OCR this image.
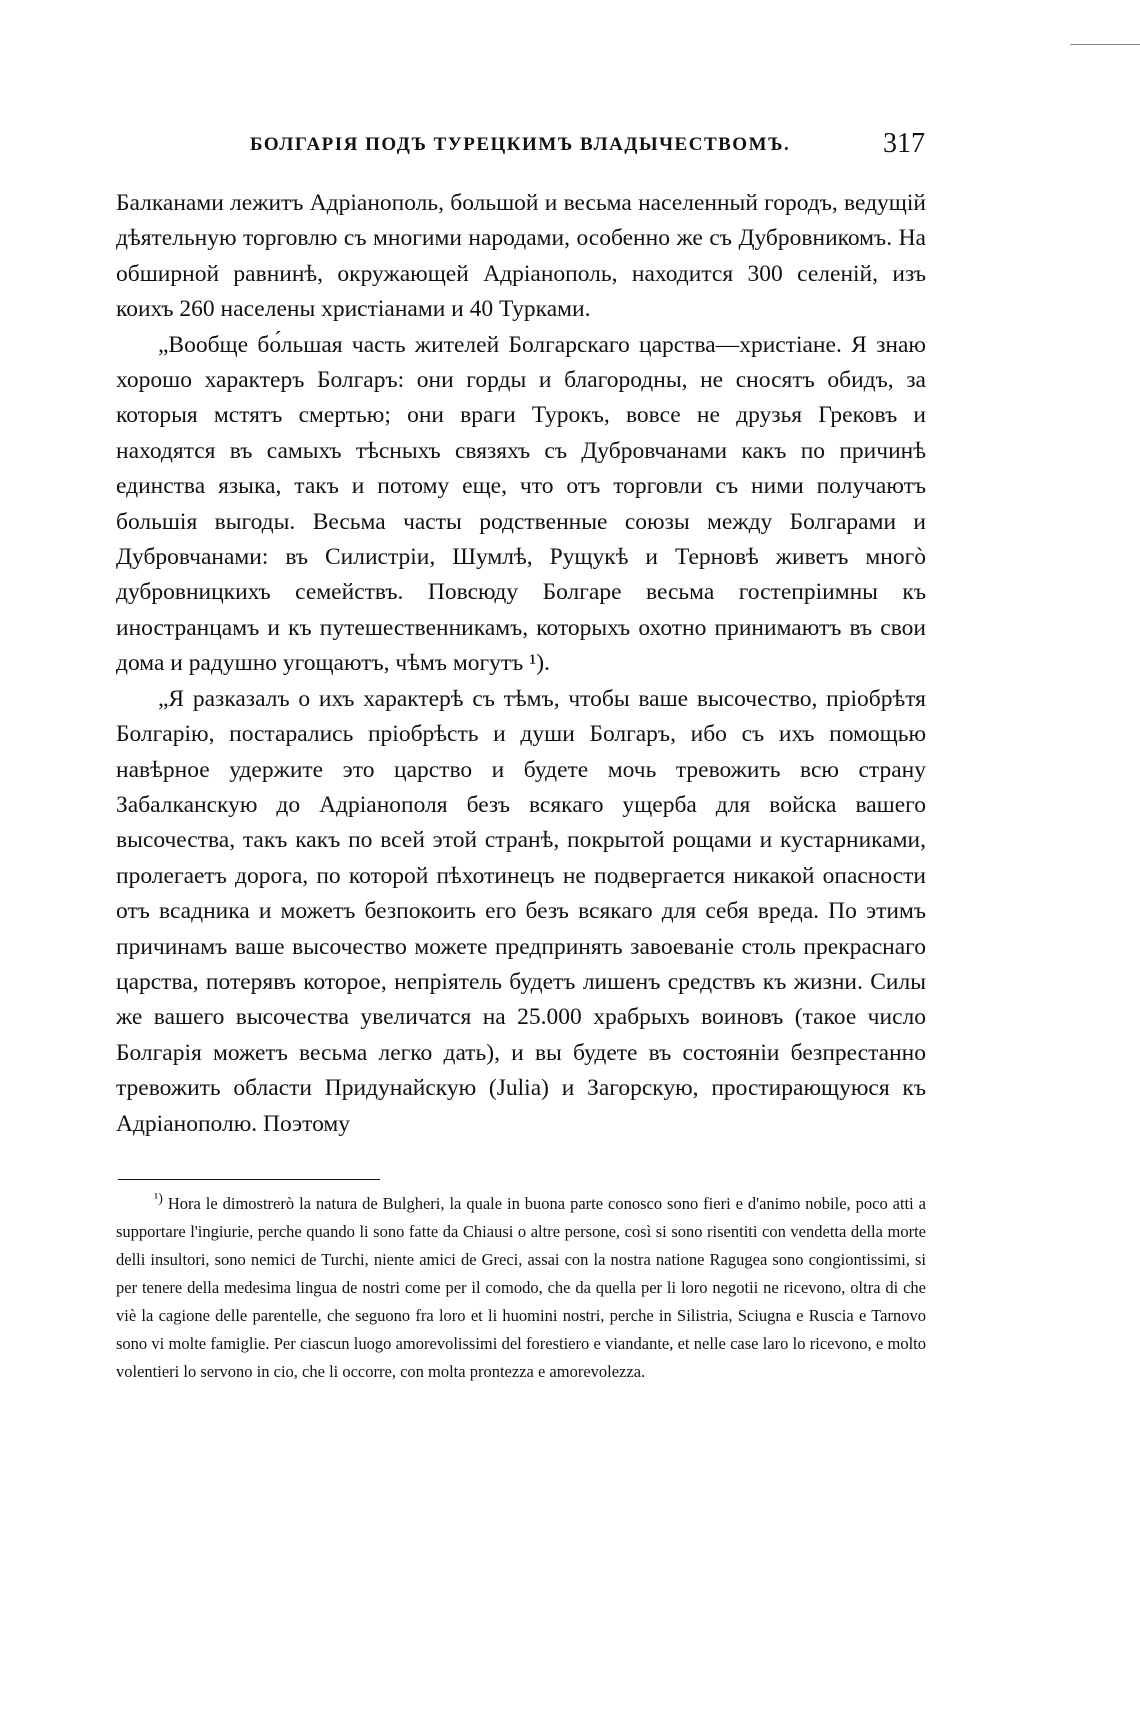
БОЛГАРІЯ ПОДЪ ТУРЕЦКИМЪ ВЛАДЫЧЕСТВОМЪ.	317

Балканами лежитъ Адріанополь, большой и весьма населенный городъ, ведущій дѣятельную торговлю съ многими народами, особенно же съ Дубровникомъ. На обширной равнинѣ, окружающей Адріанополь, находится 300 селеній, изъ коихъ 260 населены христіанами и 40 Турками.

„Вообще бо́льшая часть жителей Болгарскаго царства—христіане. Я знаю хорошо характеръ Болгаръ: они горды и благородны, не сносятъ обидъ, за которыя мстятъ смертью; они враги Турокъ, вовсе не друзья Грековъ и находятся въ самыхъ тѣсныхъ связяхъ съ Дубровчанами какъ по причинѣ единства языка, такъ и потому еще, что отъ торговли съ ними получаютъ большія выгоды. Весьма часты родственные союзы между Болгарами и Дубровчанами: въ Силистріи, Шумлѣ, Рущукѣ и Терновѣ живетъ многò дубровницкихъ семействъ. Повсюду Болгаре весьма гостепріимны къ иностранцамъ и къ путешественникамъ, которыхъ охотно принимаютъ въ свои дома и радушно угощаютъ, чѣмъ могутъ ¹).

„Я разказалъ о ихъ характерѣ съ тѣмъ, чтобы ваше высочество, пріобрѣтя Болгарію, постарались пріобрѣсть и души Болгаръ, ибо съ ихъ помощью навѣрное удержите это царство и будете мочь тревожить всю страну Забалканскую до Адріанополя безъ всякаго ущерба для войска вашего высочества, такъ какъ по всей этой странѣ, покрытой рощами и кустарниками, пролегаетъ дорога, по которой пѣхотинецъ не подвергается никакой опасности отъ всадника и можетъ безпокоить его безъ всякаго для себя вреда. По этимъ причинамъ ваше высочество можете предпринять завоеваніе столь прекраснаго царства, потерявъ которое, непріятель будетъ лишенъ средствъ къ жизни. Силы же вашего высочества увеличатся на 25.000 храбрыхъ воиновъ (такое число Болгарія можетъ весьма легко дать), и вы будете въ состояніи безпрестанно тревожить области Придунайскую (Julia) и Загорскую, простирающуюся къ Адріанополю. Поэтому

$^{^1)}$ Hora le dimostrerò la natura de Bulgheri, la quale in buona parte conosco sono fieri e d'animo nobile, poco atti a supportare l'ingiurie, perche quando li sono fatte da Chiausi o altre persone, così si sono risentiti con vendetta della morte delli insultori, sono nemici de Turchi, niente amici de Greci, assai con la nostra natione Ragugea sono congiontissimi, si per tenere della medesima lingua de nostri come per il comodo, che da quella per li loro negotii ne ricevono, oltra di che viè la cagione delle parentelle, che seguono fra loro et li huomini nostri, perche in Silistria, Sciugna e Ruscia e Tarnovo sono vi molte famiglie. Per ciascun luogo amorevolissimi del forestiero e viandante, et nelle case laro lo ricevono, e molto volentieri lo servono in cio, che li occorre, con molta prontezza e amorevolezza.
